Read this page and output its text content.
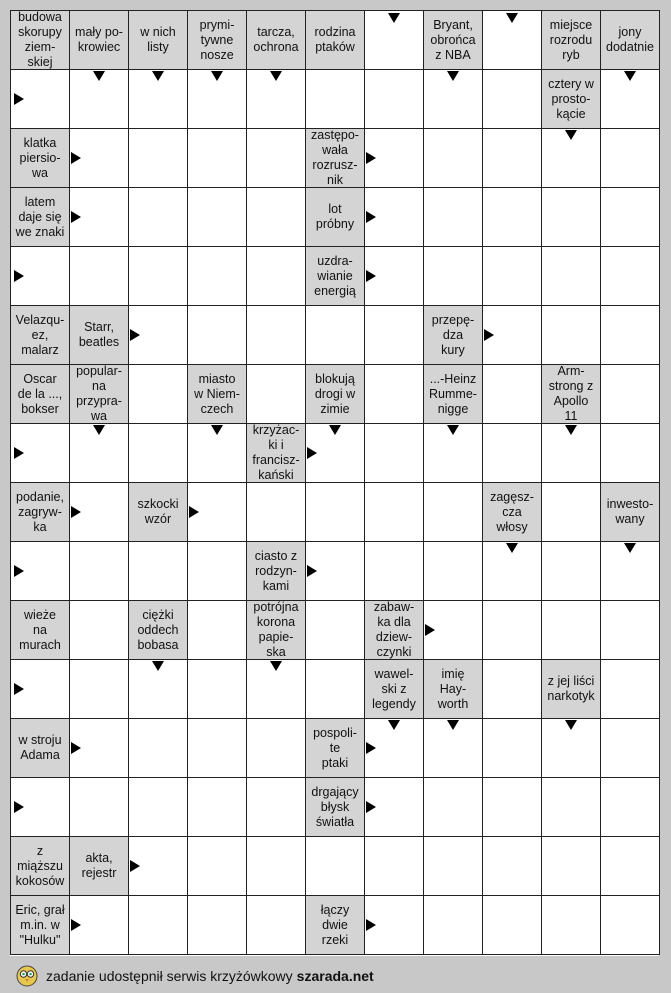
budowa
skorupy
ziem-
skiej
mały po-
krowiec
w nich
listy
prymi-
tywne
nosze
tarcza,
ochrona
rodzina
ptaków
Bryant,
obrońca
z NBA
miejsce
rozrodu
ryb
jony
dodatnie
cztery w
prosto-
kącie
klatka
piersio-
wa
zastępo-
wała
rozrusz-
nik
latem
daje się
we znaki
lot
próbny
uzdra-
wianie
energią
Velazqu-
ez,
malarz
Starr,
beatles
przepę-
dza
kury
Oscar
de la ...,
bokser
popular-
na
przypra-
wa
miasto
w Niem-
czech
blokują
drogi w
zimie
...-Heinz
Rumme-
nigge
Arm-
strong z
Apollo
11
krzyżac-
ki i
francisz-
kański
podanie,
zagryw-
ka
szkocki
wzór
zagęsz-
cza
włosy
inwesto-
wany
ciasto z
rodzyn-
kami
wieże
na
murach
ciężki
oddech
bobasa
potrójna
korona
papie-
ska
zabaw-
ka dla
dziew-
czynki
wawel-
ski z
legendy
imię
Hay-
worth
z jej liści
narkotyk
w stroju
Adama
pospoli-
te
ptaki
drgający
błysk
światła
z
miąższu
kokosów
akta,
rejestr
Eric, grał
m.in. w
"Hulku"
łączy
dwie
rzeki
zadanie udostępnił serwis krzyżówkowy szarada.net
